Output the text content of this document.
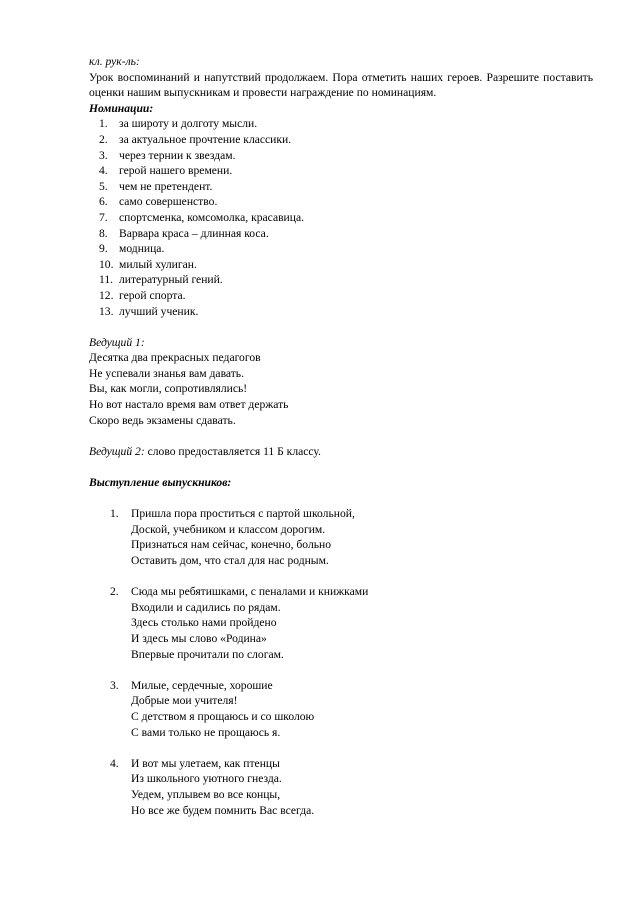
кл. рук-ль:
Урок воспоминаний и напутствий продолжаем. Пора отметить наших героев. Разрешите поставить оценки нашим выпускникам и провести награждение по номинациям.
Номинации:
1. за широту и долготу мысли.
2. за актуальное прочтение классики.
3. через тернии к звездам.
4. герой нашего времени.
5. чем не претендент.
6. само совершенство.
7. спортсменка, комсомолка, красавица.
8. Варвара краса – длинная коса.
9. модница.
10. милый хулиган.
11. литературный гений.
12. герой спорта.
13. лучший ученик.
Ведущий 1:
Десятка два прекрасных педагогов
Не успевали знанья вам давать.
Вы, как могли, сопротивлялись!
Но вот настало время вам ответ держать
Скоро ведь экзамены сдавать.
Ведущий 2: слово предоставляется 11 Б классу.
Выступление выпускников:
1. Пришла пора проститься с партой школьной,
Доской, учебником и классом дорогим.
Признаться нам сейчас, конечно, больно
Оставить дом, что стал для нас родным.
2. Сюда мы ребятишками, с пеналами и книжками
Входили и садились по рядам.
Здесь столько нами пройдено
И здесь мы слово «Родина»
Впервые прочитали по слогам.
3. Милые, сердечные, хорошие
Добрые мои учителя!
С детством я прощаюсь и со школою
С вами только не прощаюсь я.
4. И вот мы улетаем, как птенцы
Из школьного уютного гнезда.
Уедем, уплывем во все концы,
Но все же будем помнить Вас всегда.
